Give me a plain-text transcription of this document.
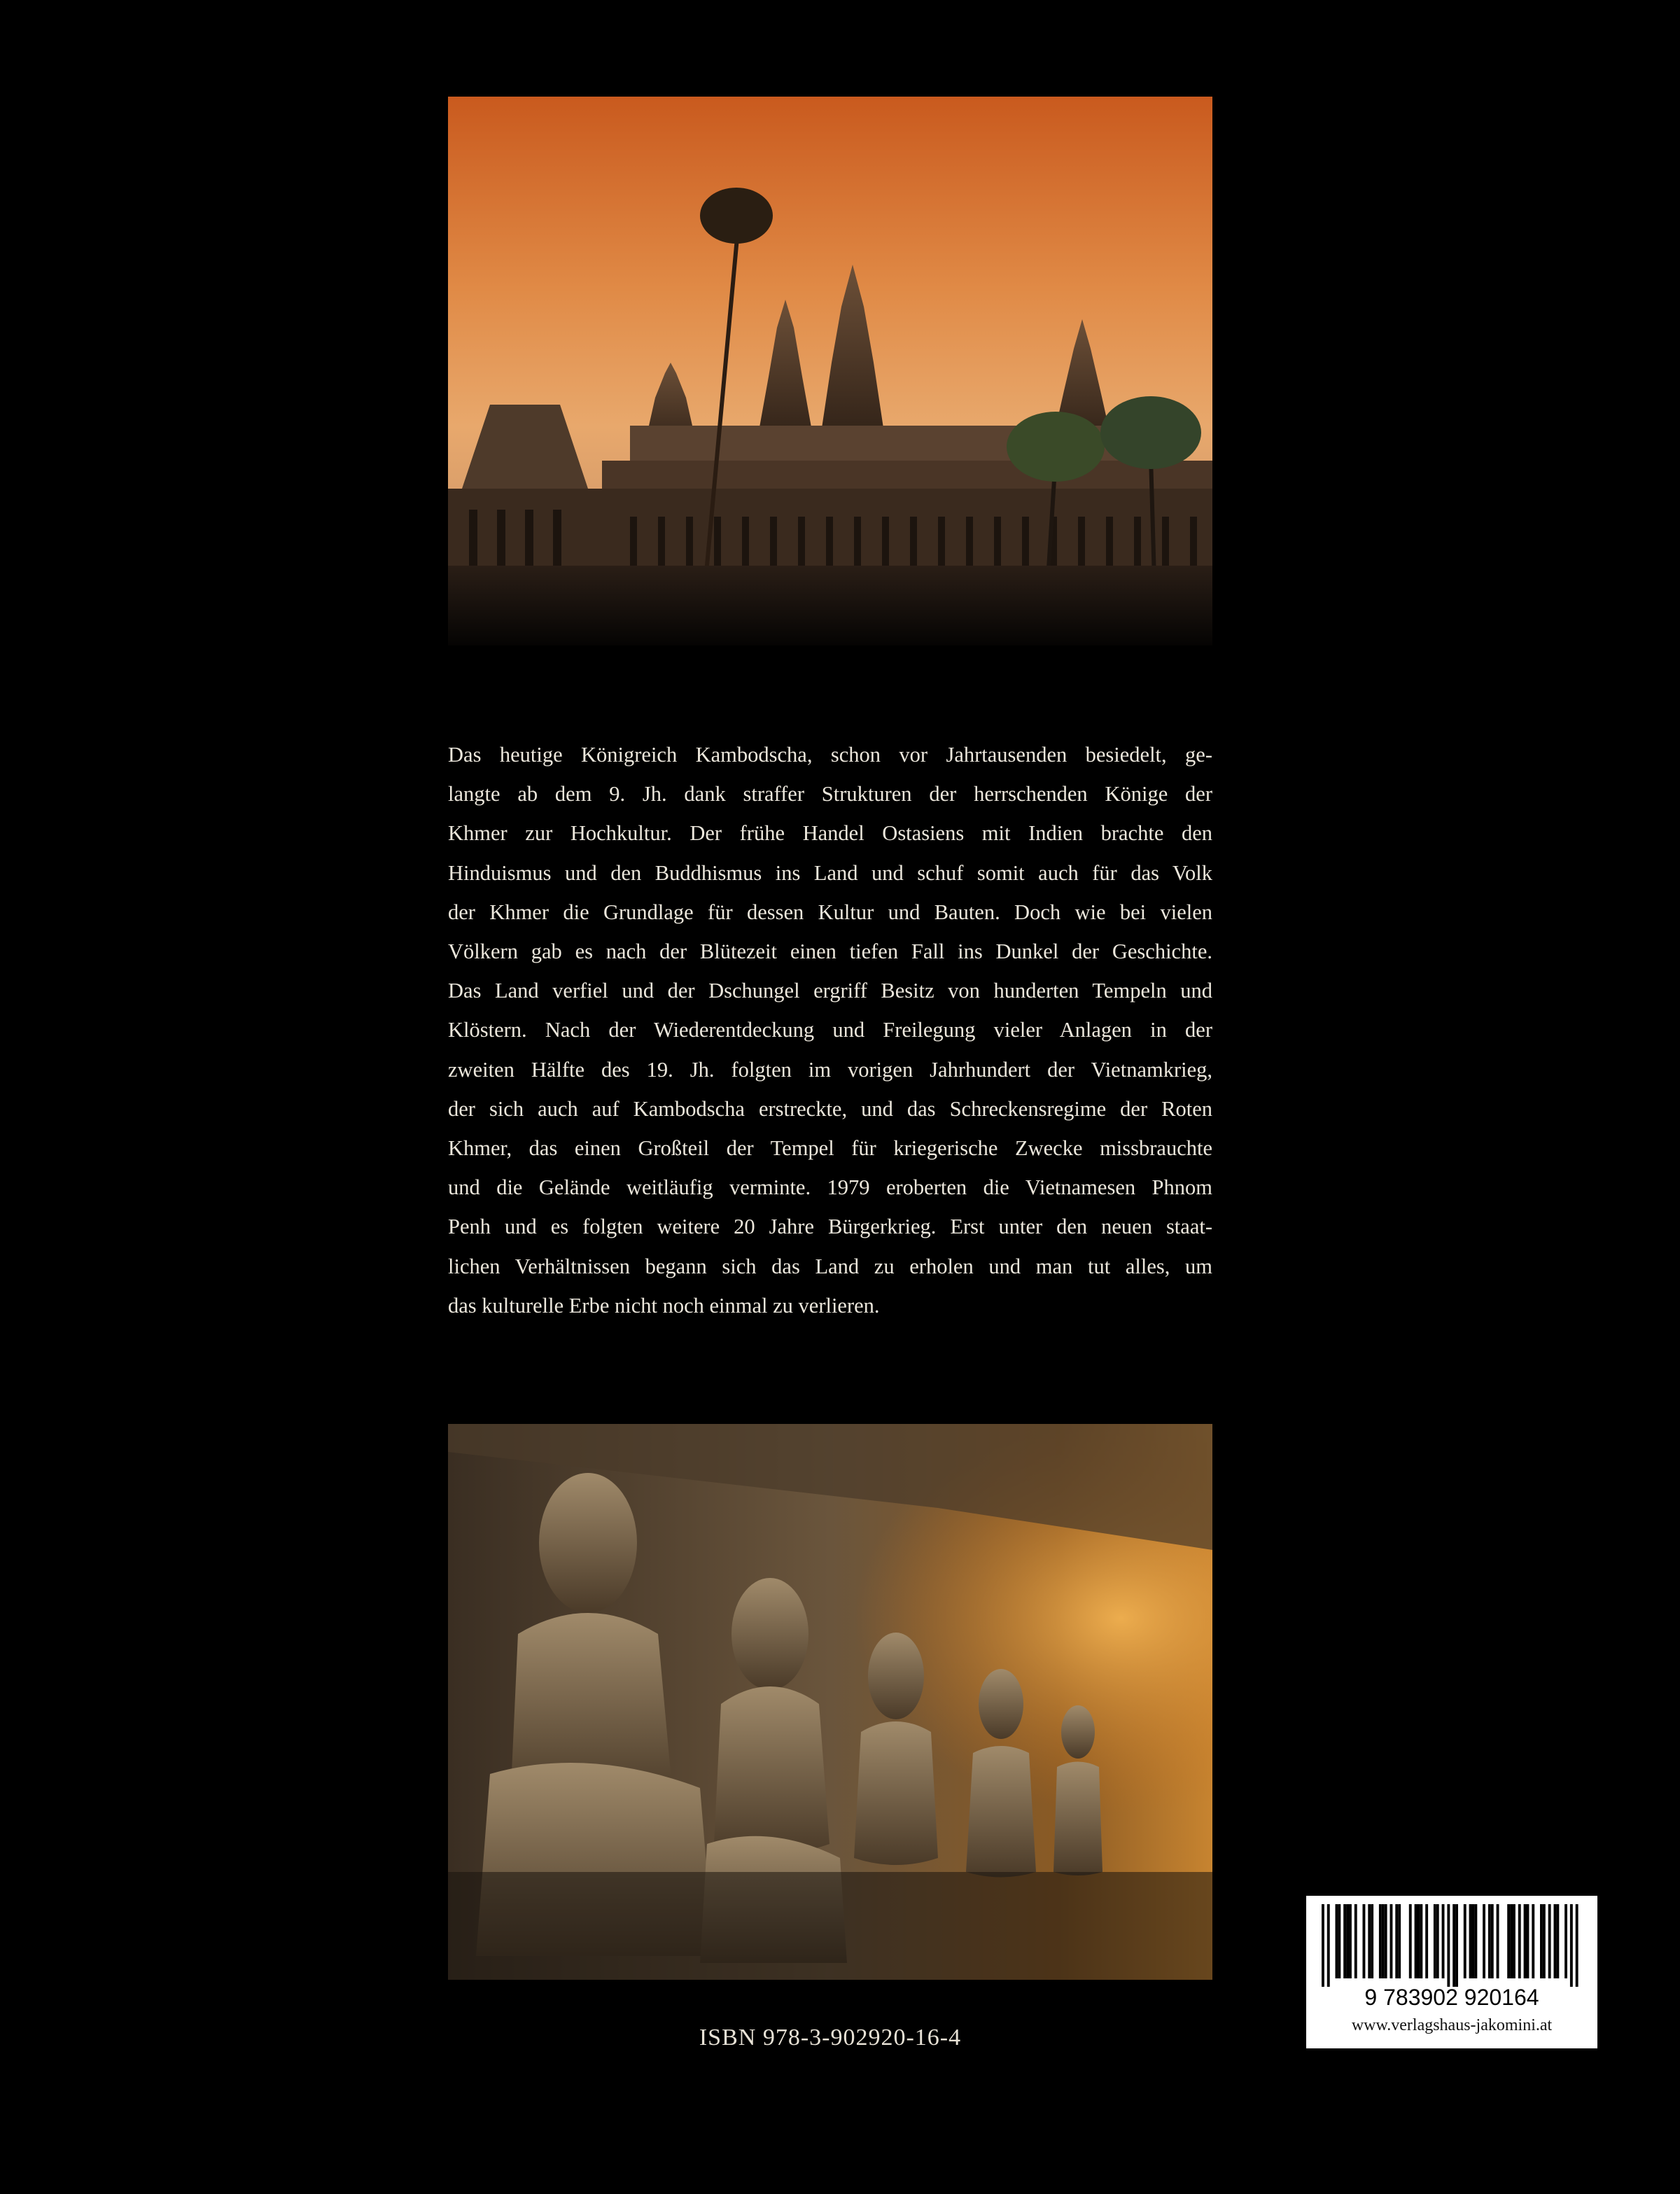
Das heutige Königreich Kambodscha, schon vor Jahrtausenden besiedelt, ge-
langte ab dem 9. Jh. dank straffer Strukturen der herrschenden Könige der
Khmer zur Hochkultur. Der frühe Handel Ostasiens mit Indien brachte den
Hinduismus und den Buddhismus ins Land und schuf somit auch für das Volk
der Khmer die Grundlage für dessen Kultur und Bauten. Doch wie bei vielen
Völkern gab es nach der Blütezeit einen tiefen Fall ins Dunkel der Geschichte.
Das Land verfiel und der Dschungel ergriff Besitz von hunderten Tempeln und
Klöstern. Nach der Wiederentdeckung und Freilegung vieler Anlagen in der
zweiten Hälfte des 19. Jh. folgten im vorigen Jahrhundert der Vietnamkrieg,
der sich auch auf Kambodscha erstreckte, und das Schreckensregime der Roten
Khmer, das einen Großteil der Tempel für kriegerische Zwecke missbrauchte
und die Gelände weitläufig verminte. 1979 eroberten die Vietnamesen Phnom
Penh und es folgten weitere 20 Jahre Bürgerkrieg. Erst unter den neuen staat-
lichen Verhältnissen begann sich das Land zu erholen und man tut alles, um
das kulturelle Erbe nicht noch einmal zu verlieren.
ISBN 978-3-902920-16-4
9 783902 920164
www.verlagshaus-jakomini.at
